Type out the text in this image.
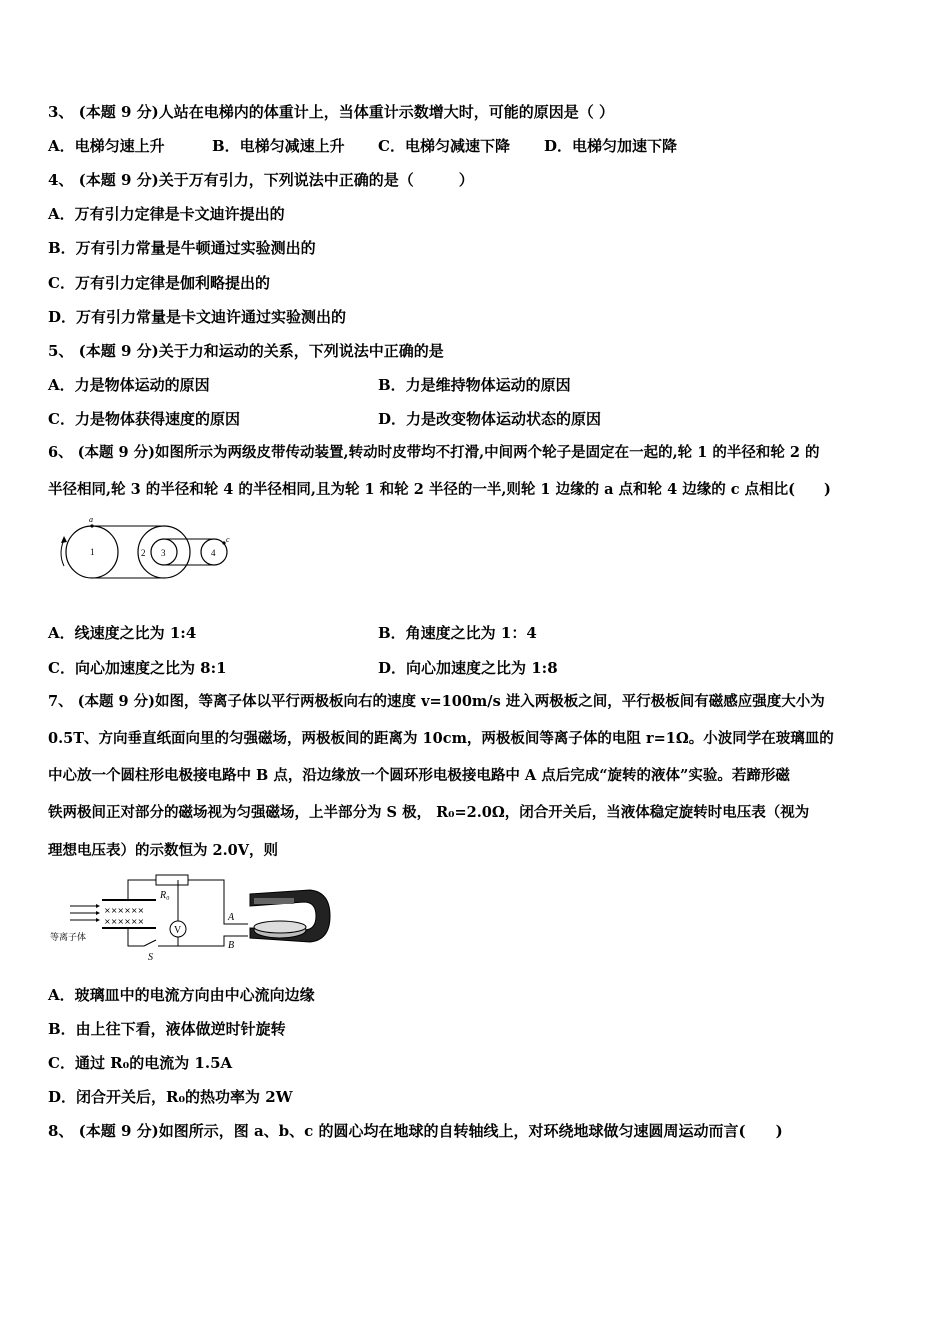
3、 (本题 9 分)人站在电梯内的体重计上，当体重计示数增大时，可能的原因是（ ）
A．电梯匀速上升	B．电梯匀减速上升 C．电梯匀减速下降 D．电梯匀加速下降
4、 (本题 9 分)关于万有引力，下列说法中正确的是（　　　）
A．万有引力定律是卡文迪许提出的
B．万有引力常量是牛顿通过实验测出的
C．万有引力定律是伽利略提出的
D．万有引力常量是卡文迪许通过实验测出的
5、 (本题 9 分)关于力和运动的关系，下列说法中正确的是
A．力是物体运动的原因	B．力是维持物体运动的原因
C．力是物体获得速度的原因	D．力是改变物体运动状态的原因
6、 (本题 9 分)如图所示为两级皮带传动装置,转动时皮带均不打滑,中间两个轮子是固定在一起的,轮 1 的半径和轮 2 的
半径相同,轮 3 的半径和轮 4 的半径相同,且为轮 1 和轮 2 半径的一半,则轮 1 边缘的 a 点和轮 4 边缘的 c 点相比(　　)
a
1	2 3	4
c
A．线速度之比为 1:4	B．角速度之比为 1：4
C．向心加速度之比为 8:1	D．向心加速度之比为 1:8
7、 (本题 9 分)如图，等离子体以平行两极板向右的速度 v=100m/s 进入两极板之间，平行极板间有磁感应强度大小为
0.5T、方向垂直纸面向里的匀强磁场，两极板间的距离为 10cm，两极板间等离子体的电阻 r=1Ω。小波同学在玻璃皿的
中心放一个圆柱形电极接电路中 B 点，沿边缘放一个圆环形电极接电路中 A 点后完成“旋转的液体”实验。若蹄形磁
铁两极间正对部分的磁场视为匀强磁场，上半部分为 S 极， R₀=2.0Ω，闭合开关后，当液体稳定旋转时电压表（视为
理想电压表）的示数恒为 2.0V，则
××××××
××××××
V
R₀
A
B
S
等离子体
A．玻璃皿中的电流方向由中心流向边缘
B．由上往下看，液体做逆时针旋转
C．通过 R₀的电流为 1.5A
D．闭合开关后，R₀的热功率为 2W
8、 (本题 9 分)如图所示，图 a、b、c 的圆心均在地球的自转轴线上，对环绕地球做匀速圆周运动而言(　　)
